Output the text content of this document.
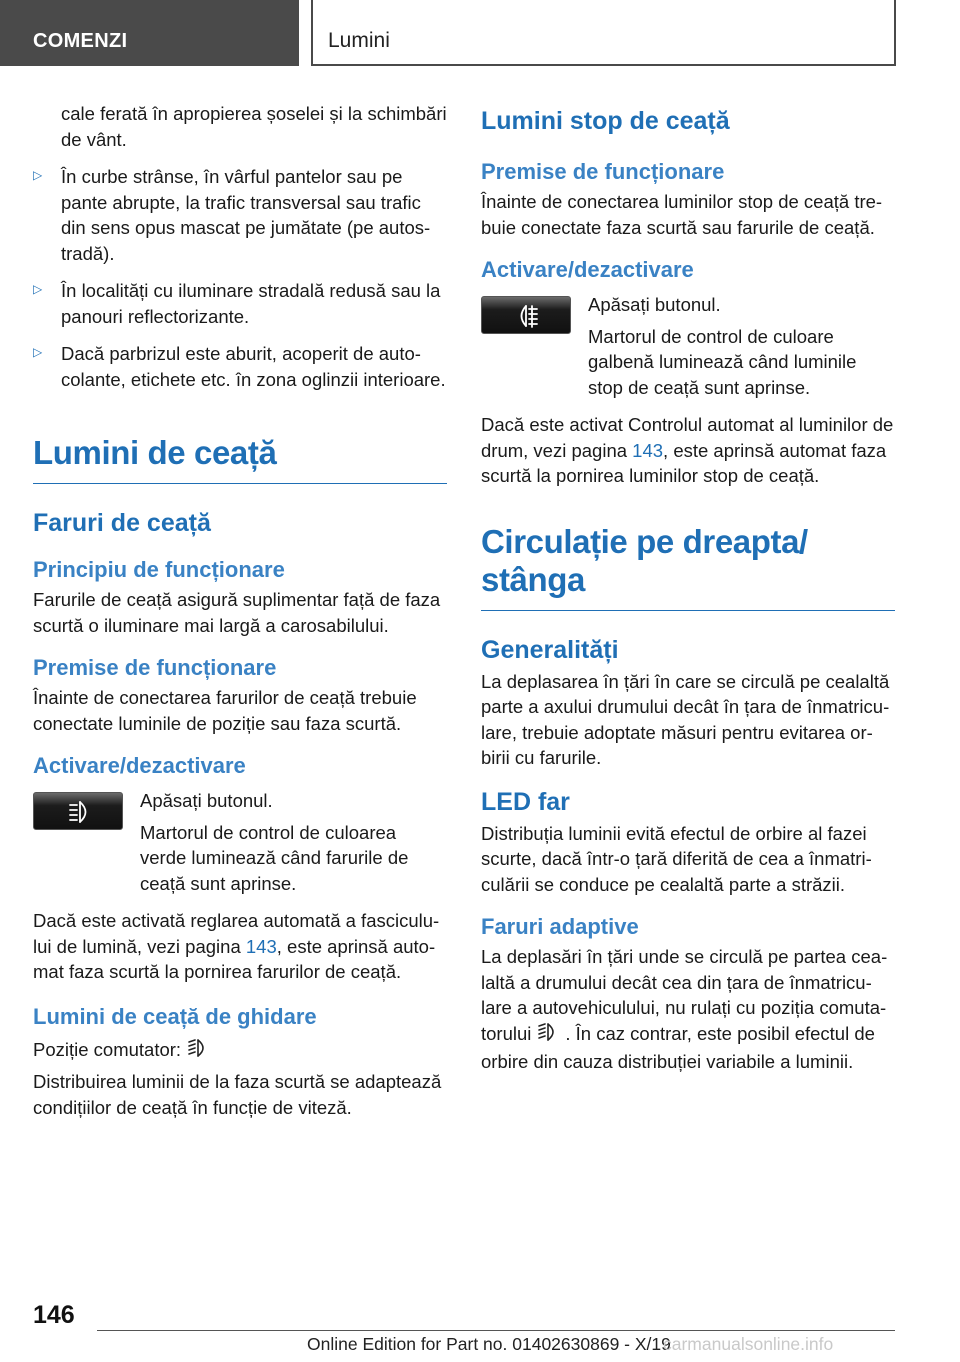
COMENZI	Lumini

cale ferată în apropierea șoselei și la schimbări de vânt.

▷ În curbe strânse, în vârful pantelor sau pe pante abrupte, la trafic transversal sau trafic din sens opus mascat pe jumătate (pe autostradă).
▷ În localități cu iluminare stradală redusă sau la panouri reflectorizante.
▷ Dacă parbrizul este aburit, acoperit de autocolante, etichete etc. în zona oglinzii interioare.
Lumini de ceață
Faruri de ceață
Principiu de funcționare

Farurile de ceață asigură suplimentar față de faza scurtă o iluminare mai largă a carosabilului.

Premise de funcționare

Înainte de conectarea farurilor de ceață trebuie conectate luminile de poziție sau faza scurtă.

Activare/dezactivare

Apăsați butonul.

Martorul de control de culoarea verde luminează când farurile de ceață sunt aprinse.

Dacă este activată reglarea automată a fasciculului de lumină, vezi pagina 143, este aprinsă automat faza scurtă la pornirea farurilor de ceață.

Lumini de ceață de ghidare

Poziție comutator:

Distribuirea luminii de la faza scurtă se adaptează condițiilor de ceață în funcție de viteză.

Lumini stop de ceață
Premise de funcționare

Înainte de conectarea luminilor stop de ceață trebuie conectate faza scurtă sau farurile de ceață.

Activare/dezactivare

Apăsați butonul.

Martorul de control de culoare galbenă luminează când luminile stop de ceață sunt aprinse.

Dacă este activat Controlul automat al luminilor de drum, vezi pagina 143, este aprinsă automat faza scurtă la pornirea luminilor stop de ceață.

Circulație pe dreapta/ stânga
Generalități

La deplasarea în țări în care se circulă pe cealaltă parte a axului drumului decât în țara de înmatriculare, trebuie adoptate măsuri pentru evitarea orbirii cu farurile.

LED far

Distribuția luminii evită efectul de orbire al fazei scurte, dacă într-o țară diferită de cea a înmatriculării se conduce pe cealaltă parte a străzii.

Faruri adaptive

La deplasări în țări unde se circulă pe partea cealaltă a drumului decât cea din țara de înmatriculare a autovehiculului, nu rulați cu poziția comutatorului . În caz contrar, este posibil efectul de orbire din cauza distribuției variabile a luminii.

146
Online Edition for Part no. 01402630869 - X/19
carmanualsonline.info
